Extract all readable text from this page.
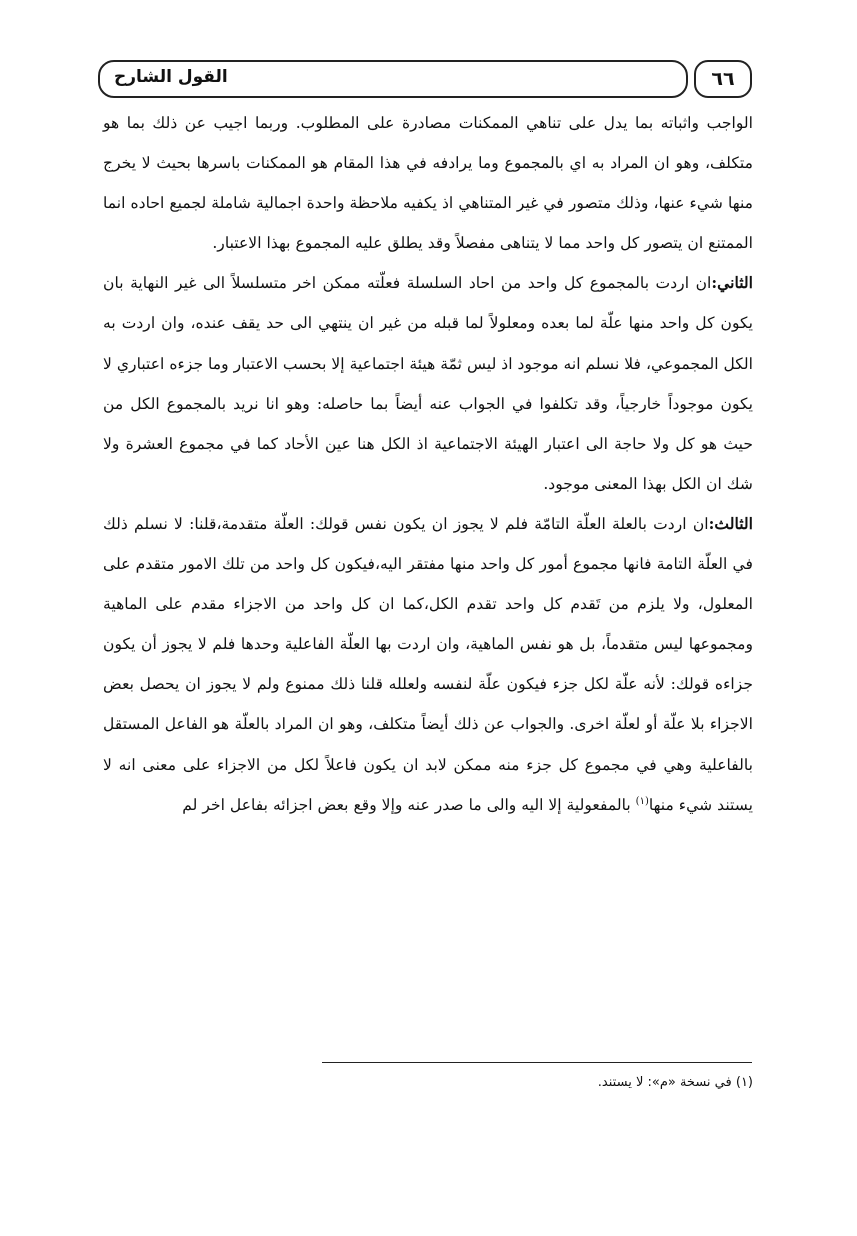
القول الشارح	٦٦

الواجب واثباته بما يدل على تناهي الممكنات مصادرة على المطلوب. وربما اجيب عن ذلك بما هو متكلف، وهو ان المراد به اي بالمجموع وما يرادفه في هذا المقام هو الممكنات باسرها بحيث لا يخرج منها شيء عنها، وذلك متصور في غير المتناهي اذ يكفيه ملاحظة واحدة اجمالية شاملة لجميع احاده انما الممتنع ان يتصور كل واحد مما لا يتناهى مفصلاً وقد يطلق عليه المجموع بهذا الاعتبار.

الثاني:ان اردت بالمجموع كل واحد من احاد السلسلة فعلّته ممكن اخر متسلسلاً الى غير النهاية بان يكون كل واحد منها علّة لما بعده ومعلولاً لما قبله من غير ان ينتهي الى حد يقف عنده، وان اردت به الكل المجموعي، فلا نسلم انه موجود اذ ليس ثمّة هيئة اجتماعية إلا بحسب الاعتبار وما جزءه اعتباري لا يكون موجوداً خارجياً، وقد تكلفوا في الجواب عنه أيضاً بما حاصله: وهو انا نريد بالمجموع الكل من حيث هو كل ولا حاجة الى اعتبار الهيئة الاجتماعية اذ الكل هنا عين الأحاد كما في مجموع العشرة ولا شك ان الكل بهذا المعنى موجود.

الثالث:ان اردت بالعلة العلّة التامّة فلم لا يجوز ان يكون نفس قولك: العلّة متقدمة،قلنا: لا نسلم ذلك في العلّة التامة فانها مجموع أمور كل واحد منها مفتقر اليه،فيكون كل واحد من تلك الامور متقدم على المعلول، ولا يلزم من تَقدم كل واحد تقدم الكل،كما ان كل واحد من الاجزاء مقدم على الماهية ومجموعها ليس متقدماً، بل هو نفس الماهية، وان اردت بها العلّة الفاعلية وحدها فلم لا يجوز أن يكون جزاءه قولك: لأنه علّة لكل جزء فيكون علّة لنفسه ولعلله قلنا ذلك ممنوع ولم لا يجوز ان يحصل بعض الاجزاء بلا علّة أو لعلّة اخرى. والجواب عن ذلك أيضاً متكلف، وهو ان المراد بالعلّة هو الفاعل المستقل بالفاعلية وهي في مجموع كل جزء منه ممكن لابد ان يكون فاعلاً لكل من الاجزاء على معنى انه لا يستند شيء منها$^{(١)}$ بالمفعولية إلا اليه والى ما صدر عنه وإلا وقع بعض اجزائه بفاعل اخر لم

(١) في نسخة «م»: لا يستند.
